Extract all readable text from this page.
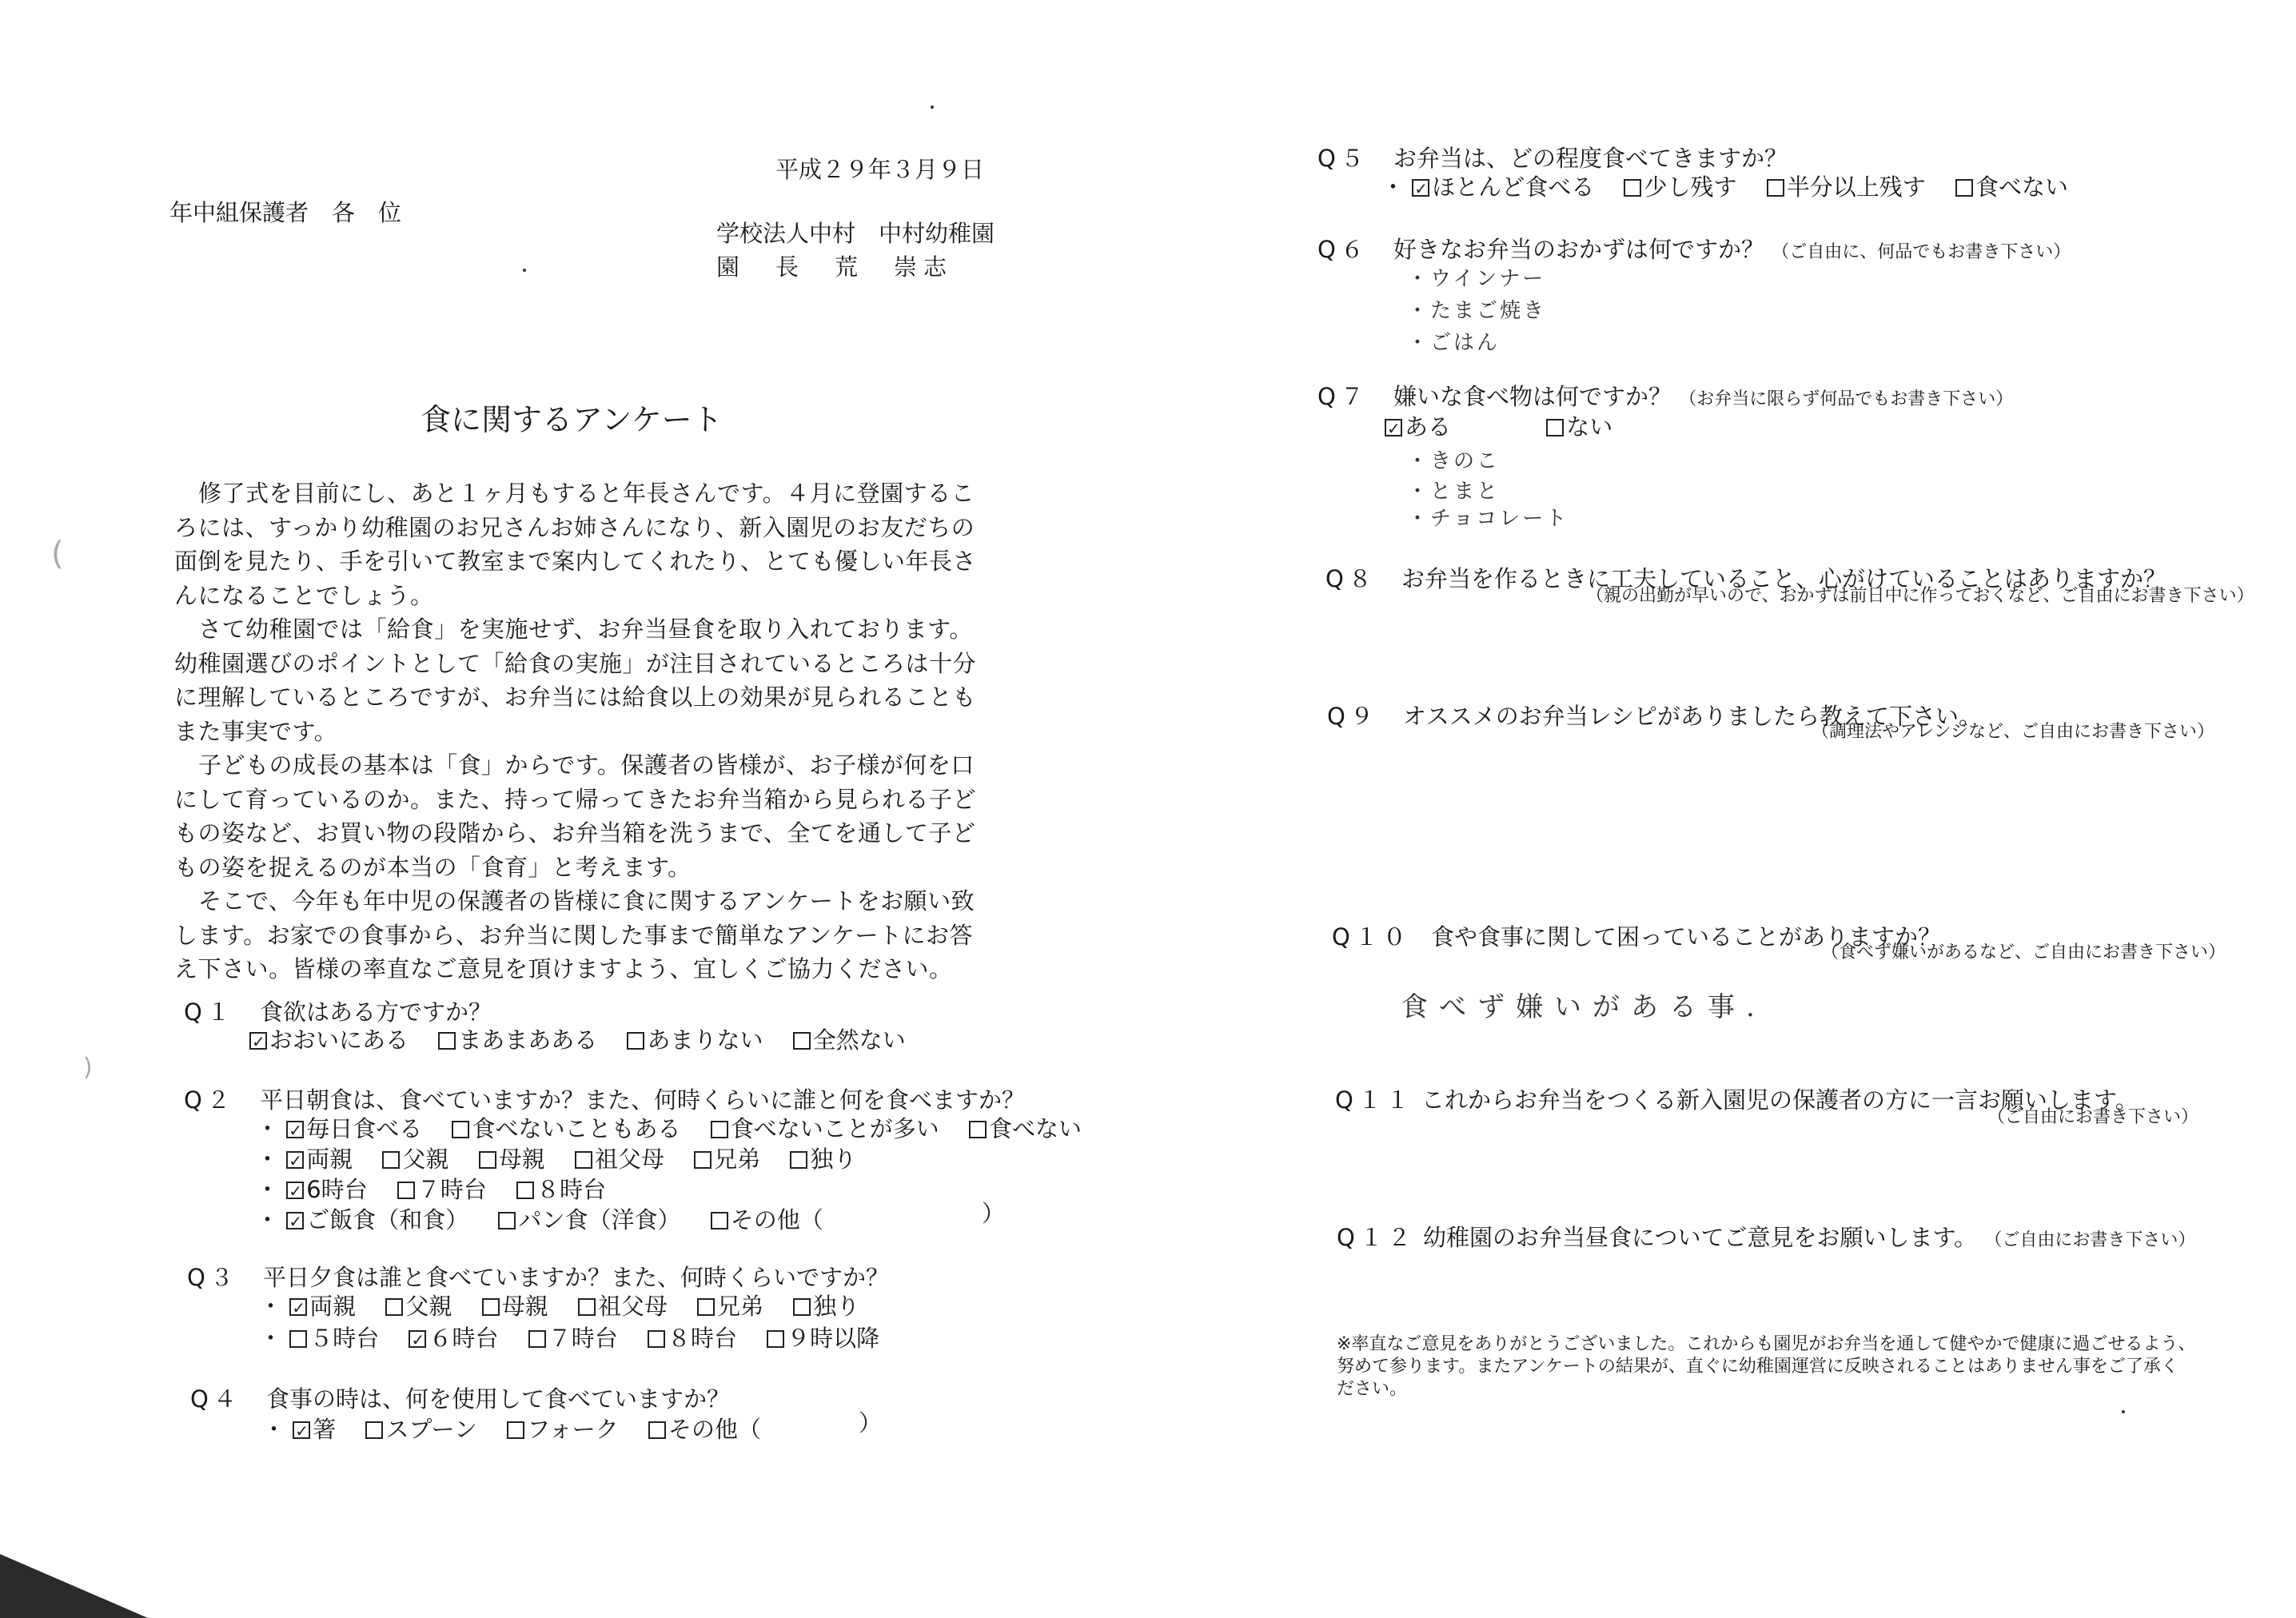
平成２９年３月９日
年中組保護者　各　位
学校法人中村　中村幼稚園
園　長　荒　崇志
食に関するアンケート

修了式を目前にし、あと１ヶ月もすると年長さんです。４月に登園するころには、すっかり幼稚園のお兄さんお姉さんになり、新入園児のお友だちの面倒を見たり、手を引いて教室まで案内してくれたり、とても優しい年長さんになることでしょう。

さて幼稚園では「給食」を実施せず、お弁当昼食を取り入れております。幼稚園選びのポイントとして「給食の実施」が注目されているところは十分に理解しているところですが、お弁当には給食以上の効果が見られることもまた事実です。

子どもの成長の基本は「食」からです。保護者の皆様が、お子様が何を口にして育っているのか。また、持って帰ってきたお弁当箱から見られる子どもの姿など、お買い物の段階から、お弁当箱を洗うまで、全てを通して子どもの姿を捉えるのが本当の「食育」と考えます。

そこで、今年も年中児の保護者の皆様に食に関するアンケートをお願い致します。お家での食事から、お弁当に関した事まで簡単なアンケートにお答え下さい。皆様の率直なご意見を頂けますよう、宜しくご協力ください。

Q１ 食欲はある方ですか？
✓おおいにある まあまあある あまりない 全然ない
Q２ 平日朝食は、食べていますか？また、何時くらいに誰と何を食べますか？
・ ✓ 毎日食べる 食べないこともある 食べないことが多い 食べない
・ ✓ 両親 父親 母親 祖父母 兄弟 独り
・ ✓ 6時台 ７時台 ８時台
・ ✓ ご飯食（和食） パン食（洋食） その他（	）
Q３ 平日夕食は誰と食べていますか？また、何時くらいですか？
・ ✓ 両親 父親 母親 祖父母 兄弟 独り
・ ５時台 ✓ ６時台 ７時台 ８時台 ９時以降
Q４ 食事の時は、何を使用して食べていますか？
・ ✓ 箸 スプーン フォーク その他（	）
Q５ お弁当は、どの程度食べてきますか？
・ ✓ ほとんど食べる 少し残す 半分以上残す 食べない
Q６ 好きなお弁当のおかずは何ですか？ （ご自由に、何品でもお書き下さい）
・ウインナー
・たまご焼き
・ごはん
Q７ 嫌いな食べ物は何ですか？ （お弁当に限らず何品でもお書き下さい）
✓ある	ない
・きのこ
・とまと
・チョコレート
Q８ お弁当を作るときに工夫していること、心がけていることはありますか？
（親の出勤が早いので、おかずは前日中に作っておくなど、ご自由にお書き下さい）
Q９ オススメのお弁当レシピがありましたら教えて下さい。
（調理法やアレンジなど、ご自由にお書き下さい）
Q１０ 食や食事に関して困っていることがありますか？
（食べず嫌いがあるなど、ご自由にお書き下さい）
食べず嫌いがある事.
Q１１ これからお弁当をつくる新入園児の保護者の方に一言お願いします。
（ご自由にお書き下さい）
Q１２ 幼稚園のお弁当昼食についてご意見をお願いします。 （ご自由にお書き下さい）
※率直なご意見をありがとうございました。これからも園児がお弁当を通して健やかで健康に過ごせるよう、
努めて参ります。またアンケートの結果が、直ぐに幼稚園運営に反映されることはありません事をご了承く
ださい。
(
)
